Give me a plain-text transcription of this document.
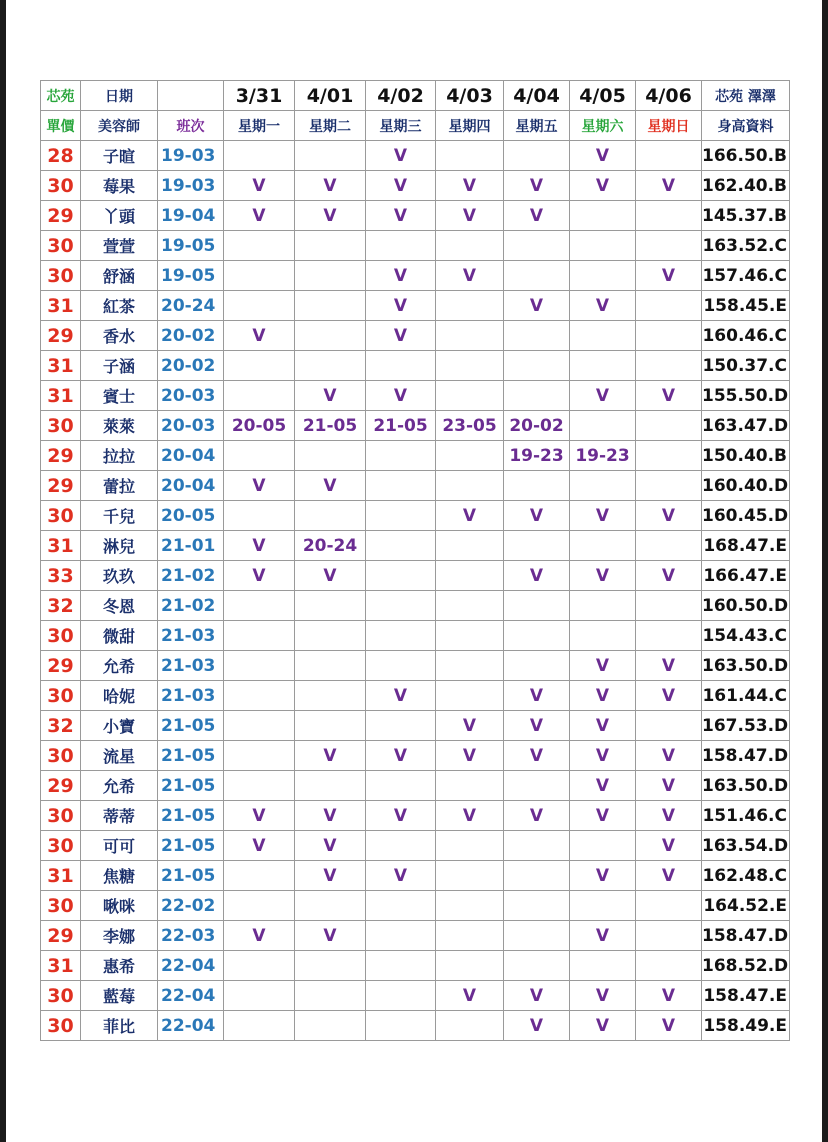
芯苑	日期		3/31	4/01	4/02	4/03	4/04	4/05	4/06	芯苑 澤澤
單價	美容師	班次	星期一	星期二	星期三	星期四	星期五	星期六	星期日	身高資料
28	子暄	19-03			V			V		166.50.B
30	莓果	19-03	V	V	V	V	V	V	V	162.40.B
29	丫頭	19-04	V	V	V	V	V			145.37.B
30	萱萱	19-05								163.52.C
30	舒涵	19-05			V	V			V	157.46.C
31	紅茶	20-24			V		V	V		158.45.E
29	香水	20-02	V		V					160.46.C
31	子涵	20-02								150.37.C
31	賓士	20-03		V	V			V	V	155.50.D
30	萊萊	20-03	20-05	21-05	21-05	23-05	20-02			163.47.D
29	拉拉	20-04					19-23	19-23		150.40.B
29	蕾拉	20-04	V	V						160.40.D
30	千兒	20-05				V	V	V	V	160.45.D
31	淋兒	21-01	V	20-24						168.47.E
33	玖玖	21-02	V	V			V	V	V	166.47.E
32	冬恩	21-02								160.50.D
30	微甜	21-03								154.43.C
29	允希	21-03						V	V	163.50.D
30	哈妮	21-03			V		V	V	V	161.44.C
32	小寶	21-05				V	V	V		167.53.D
30	流星	21-05		V	V	V	V	V	V	158.47.D
29	允希	21-05						V	V	163.50.D
30	蒂蒂	21-05	V	V	V	V	V	V	V	151.46.C
30	可可	21-05	V	V					V	163.54.D
31	焦糖	21-05		V	V			V	V	162.48.C
30	啾咪	22-02								164.52.E
29	李娜	22-03	V	V				V		158.47.D
31	惠希	22-04								168.52.D
30	藍莓	22-04				V	V	V	V	158.47.E
30	菲比	22-04					V	V	V	158.49.E
